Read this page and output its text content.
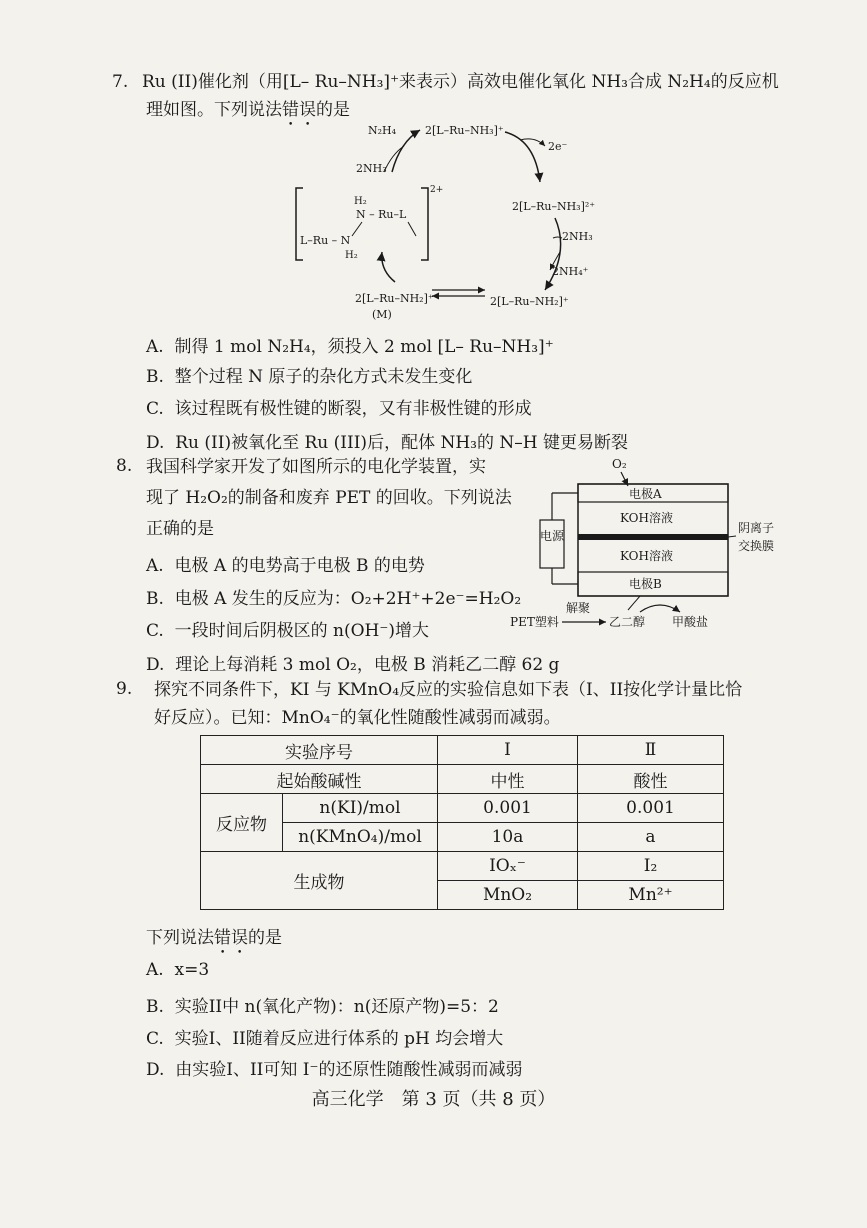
7. Ru (II)催化剂（用[L– Ru–NH₃]⁺来表示）高效电催化氧化 NH₃合成 N₂H₄的反应机
理如图。下列说法错误的是
N₂H₄	2[L–Ru–NH₃]⁺
2e⁻
2NH₃
2[L–Ru–NH₃]²⁺
2NH₃
2NH₄⁺
2[L–Ru–NH₂]⁺
2[L–Ru–NH₂]⁺
(M)
2+
H₂
N – Ru–L
L–Ru – N
H₂
A. 制得 1 mol N₂H₄，须投入 2 mol [L– Ru–NH₃]⁺
B. 整个过程 N 原子的杂化方式未发生变化
C. 该过程既有极性键的断裂，又有非极性键的形成
D. Ru (II)被氧化至 Ru (III)后，配体 NH₃的 N–H 键更易断裂
8. 我国科学家开发了如图所示的电化学装置，实
现了 H₂O₂的制备和废弃 PET 的回收。下列说法
正确的是
O₂
电极A
KOH溶液
KOH溶液
电极B
电源
阴离子
交换膜
PET塑料
解聚
乙二醇 甲酸盐
A. 电极 A 的电势高于电极 B 的电势
B. 电极 A 发生的反应为：O₂+2H⁺+2e⁻=H₂O₂
C. 一段时间后阴极区的 n(OH⁻)增大
D. 理论上每消耗 3 mol O₂，电极 B 消耗乙二醇 62 g
9. 探究不同条件下，KI 与 KMnO₄反应的实验信息如下表（I、II按化学计量比恰
好反应）。已知：MnO₄⁻的氧化性随酸性减弱而减弱。
实验序号		Ⅰ	Ⅱ
起始酸碱性		中性	酸性
反应物	n(KI)/mol	0.001	0.001
	n(KMnO₄)/mol	10a	a
生成物		IOₓ⁻	I₂
		MnO₂	Mn²⁺
下列说法错误的是
A. x=3
B. 实验II中 n(氧化产物)：n(还原产物)=5：2
C. 实验I、II随着反应进行体系的 pH 均会增大
D. 由实验I、II可知 I⁻的还原性随酸性减弱而减弱
高三化学　第 3 页（共 8 页）
